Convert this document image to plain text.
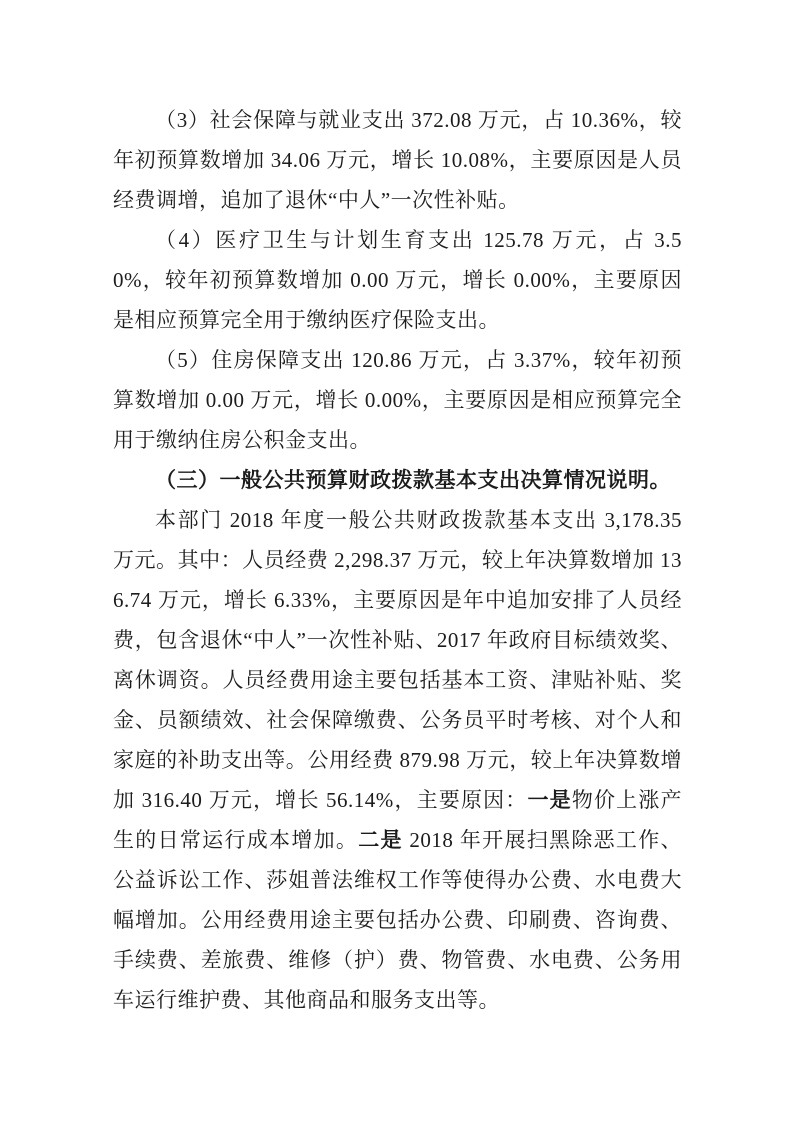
（3）社会保障与就业支出 372.08 万元，占 10.36%，较年初预算数增加 34.06 万元，增长 10.08%，主要原因是人员经费调增，追加了退休“中人”一次性补贴。

（4）医疗卫生与计划生育支出 125.78 万元，占 3.50%，较年初预算数增加 0.00 万元，增长 0.00%，主要原因是相应预算完全用于缴纳医疗保险支出。

（5）住房保障支出 120.86 万元，占 3.37%，较年初预算数增加 0.00 万元，增长 0.00%，主要原因是相应预算完全用于缴纳住房公积金支出。

（三）一般公共预算财政拨款基本支出决算情况说明。

本部门 2018 年度一般公共财政拨款基本支出 3,178.35 万元。其中：人员经费 2,298.37 万元，较上年决算数增加 136.74 万元，增长 6.33%，主要原因是年中追加安排了人员经费，包含退休“中人”一次性补贴、2017 年政府目标绩效奖、离休调资。人员经费用途主要包括基本工资、津贴补贴、奖金、员额绩效、社会保障缴费、公务员平时考核、对个人和家庭的补助支出等。公用经费 879.98 万元，较上年决算数增加 316.40 万元，增长 56.14%，主要原因：一是物价上涨产生的日常运行成本增加。二是 2018 年开展扫黑除恶工作、公益诉讼工作、莎姐普法维权工作等使得办公费、水电费大幅增加。公用经费用途主要包括办公费、印刷费、咨询费、手续费、差旅费、维修（护）费、物管费、水电费、公务用车运行维护费、其他商品和服务支出等。
